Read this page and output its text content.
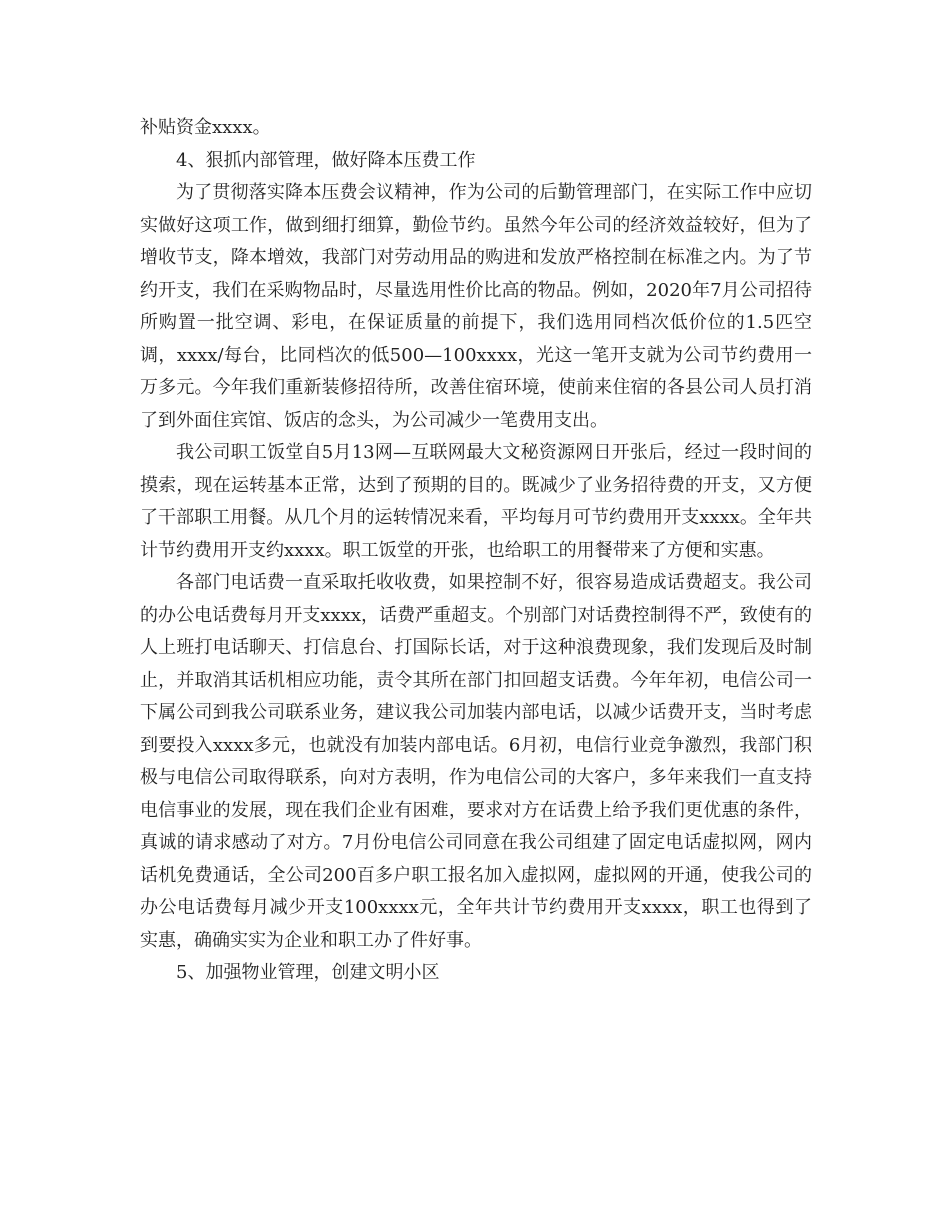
补贴资金xxxx。

4、狠抓内部管理，做好降本压费工作

为了贯彻落实降本压费会议精神，作为公司的后勤管理部门，在实际工作中应切实做好这项工作，做到细打细算，勤俭节约。虽然今年公司的经济效益较好，但为了增收节支，降本增效，我部门对劳动用品的购进和发放严格控制在标准之内。为了节约开支，我们在采购物品时，尽量选用性价比高的物品。例如，2020年7月公司招待所购置一批空调、彩电，在保证质量的前提下，我们选用同档次低价位的1.5匹空调，xxxx/每台，比同档次的低500—100xxxx，光这一笔开支就为公司节约费用一万多元。今年我们重新装修招待所，改善住宿环境，使前来住宿的各县公司人员打消了到外面住宾馆、饭店的念头，为公司减少一笔费用支出。

我公司职工饭堂自5月13网—互联网最大文秘资源网日开张后，经过一段时间的摸索，现在运转基本正常，达到了预期的目的。既减少了业务招待费的开支，又方便了干部职工用餐。从几个月的运转情况来看，平均每月可节约费用开支xxxx。全年共计节约费用开支约xxxx。职工饭堂的开张，也给职工的用餐带来了方便和实惠。

各部门电话费一直采取托收收费，如果控制不好，很容易造成话费超支。我公司的办公电话费每月开支xxxx，话费严重超支。个别部门对话费控制得不严，致使有的人上班打电话聊天、打信息台、打国际长话，对于这种浪费现象，我们发现后及时制止，并取消其话机相应功能，责令其所在部门扣回超支话费。今年年初，电信公司一下属公司到我公司联系业务，建议我公司加装内部电话，以减少话费开支，当时考虑到要投入xxxx多元，也就没有加装内部电话。6月初，电信行业竞争激烈，我部门积极与电信公司取得联系，向对方表明，作为电信公司的大客户，多年来我们一直支持电信事业的发展，现在我们企业有困难，要求对方在话费上给予我们更优惠的条件，真诚的请求感动了对方。7月份电信公司同意在我公司组建了固定电话虚拟网，网内话机免费通话，全公司200百多户职工报名加入虚拟网，虚拟网的开通，使我公司的办公电话费每月减少开支100xxxx元，全年共计节约费用开支xxxx，职工也得到了实惠，确确实实为企业和职工办了件好事。

5、加强物业管理，创建文明小区
